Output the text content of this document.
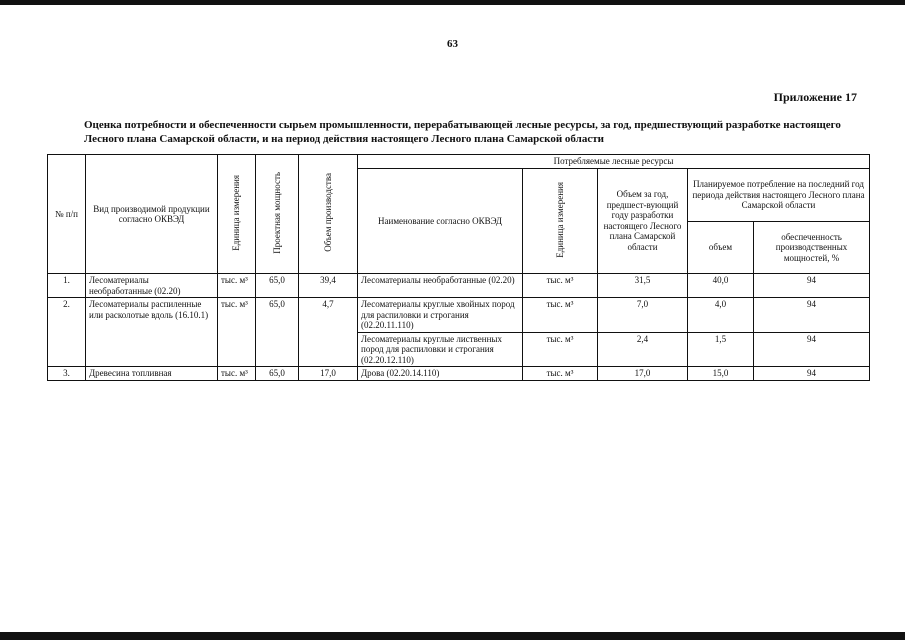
63
Приложение 17
Оценка потребности и обеспеченности сырьем промышленности, перерабатывающей лесные ресурсы, за год, предшествующий разработке настоящего Лесного плана Самарской области, и на период действия настоящего Лесного плана Самарской области
№ п/п	Вид производимой продукции согласно ОКВЭД	Единица измерения	Проектная мощность	Объем производства	Потребляемые лесные ресурсы				
					Наименование согласно ОКВЭД	Единица измерения	Объем за год, предшест-вующий году разработки настоящего Лесного плана Самарской области	Планируемое потребление на последний год периода действия настоящего Лесного плана Самарской области	
								объем	обеспеченность производственных мощностей, %
1.	Лесоматериалы необработанные (02.20)	тыс. м³	65,0	39,4	Лесоматериалы необработанные (02.20)	тыс. м³	31,5	40,0	94
2.	Лесоматериалы распиленные или расколотые вдоль (16.10.1)	тыс. м³	65,0	4,7	Лесоматериалы круглые хвойных пород для распиловки и строгания (02.20.11.110)	тыс. м³	7,0	4,0	94
					Лесоматериалы круглые лиственных пород для распиловки и строгания (02.20.12.110)	тыс. м³	2,4	1,5	94
3.	Древесина топливная	тыс. м³	65,0	17,0	Дрова (02.20.14.110)	тыс. м³	17,0	15,0	94
